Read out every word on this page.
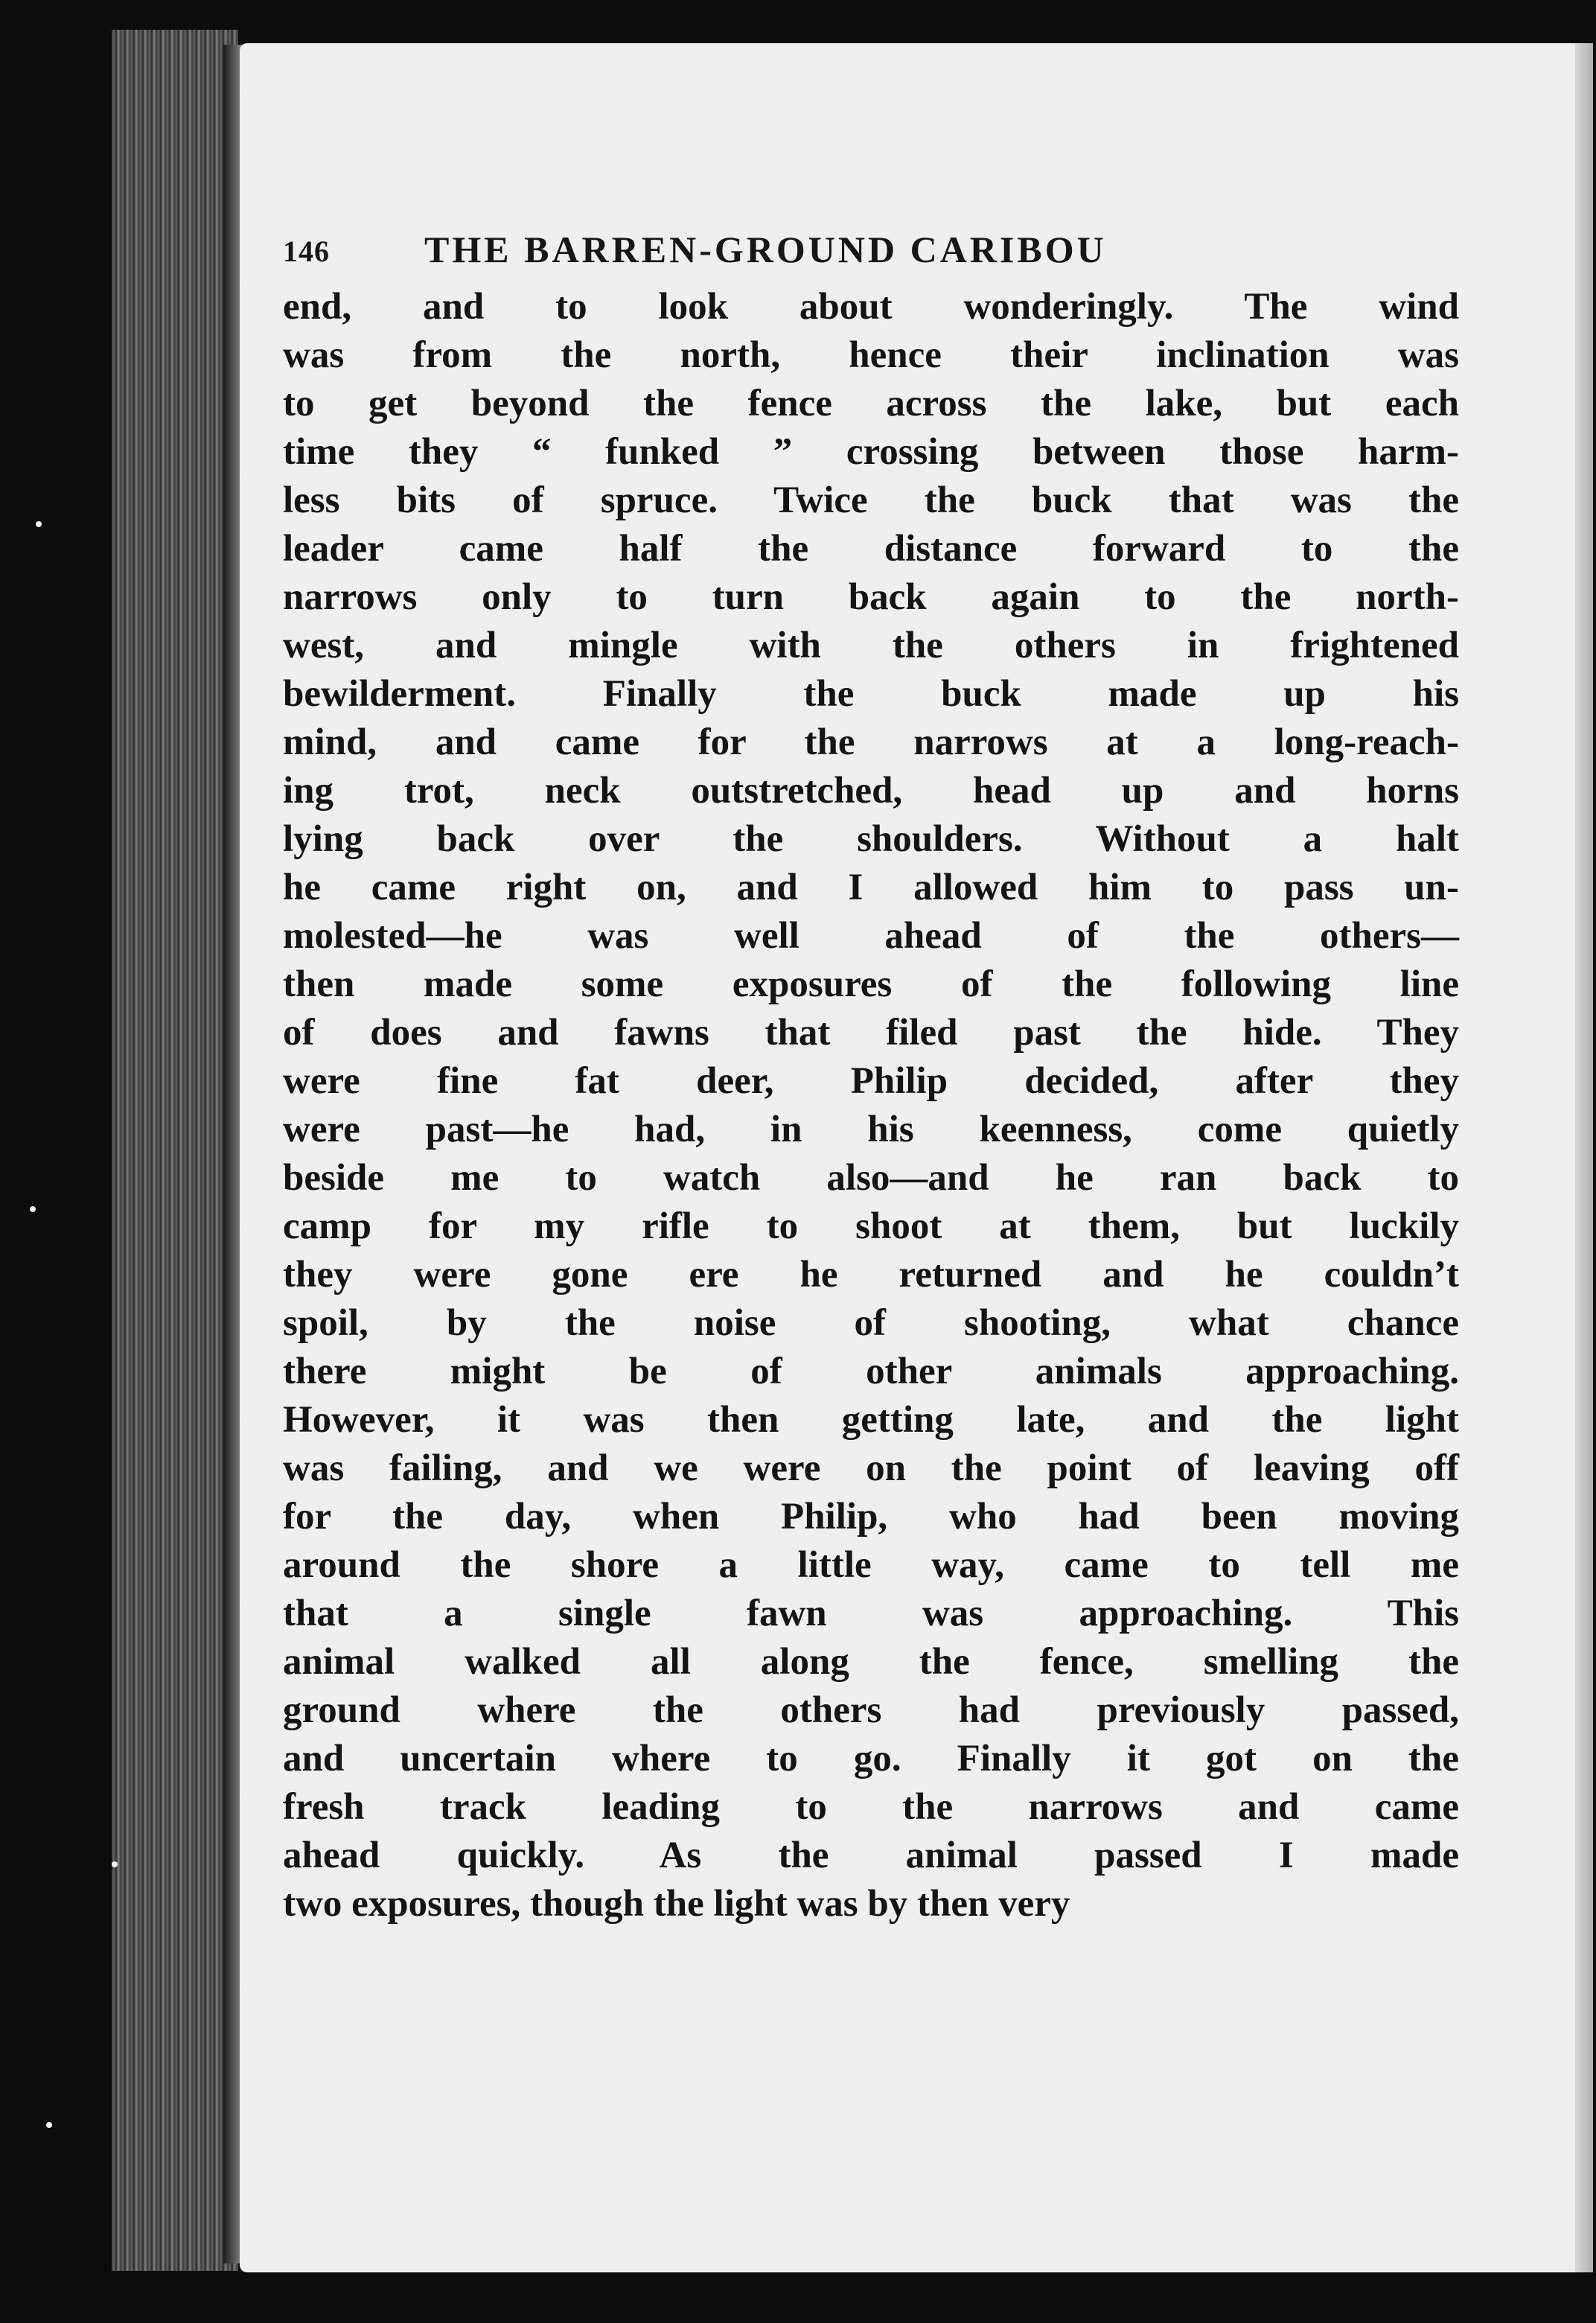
146	THE BARREN-GROUND CARIBOU
end, and to look about wonderingly. The wind
was from the north, hence their inclination was
to get beyond the fence across the lake, but each
time they “ funked ” crossing between those harm-
less bits of spruce. Twice the buck that was the
leader came half the distance forward to the
narrows only to turn back again to the north-
west, and mingle with the others in frightened
bewilderment. Finally the buck made up his
mind, and came for the narrows at a long-reach-
ing trot, neck outstretched, head up and horns
lying back over the shoulders. Without a halt
he came right on, and I allowed him to pass un-
molested—he was well ahead of the others—
then made some exposures of the following line
of does and fawns that filed past the hide. They
were fine fat deer, Philip decided, after they
were past—he had, in his keenness, come quietly
beside me to watch also—and he ran back to
camp for my rifle to shoot at them, but luckily
they were gone ere he returned and he couldn’t
spoil, by the noise of shooting, what chance
there might be of other animals approaching.
However, it was then getting late, and the light
was failing, and we were on the point of leaving off
for the day, when Philip, who had been moving
around the shore a little way, came to tell me
that a single fawn was approaching. This
animal walked all along the fence, smelling the
ground where the others had previously passed,
and uncertain where to go. Finally it got on the
fresh track leading to the narrows and came
ahead quickly. As the animal passed I made
two exposures, though the light was by then very
